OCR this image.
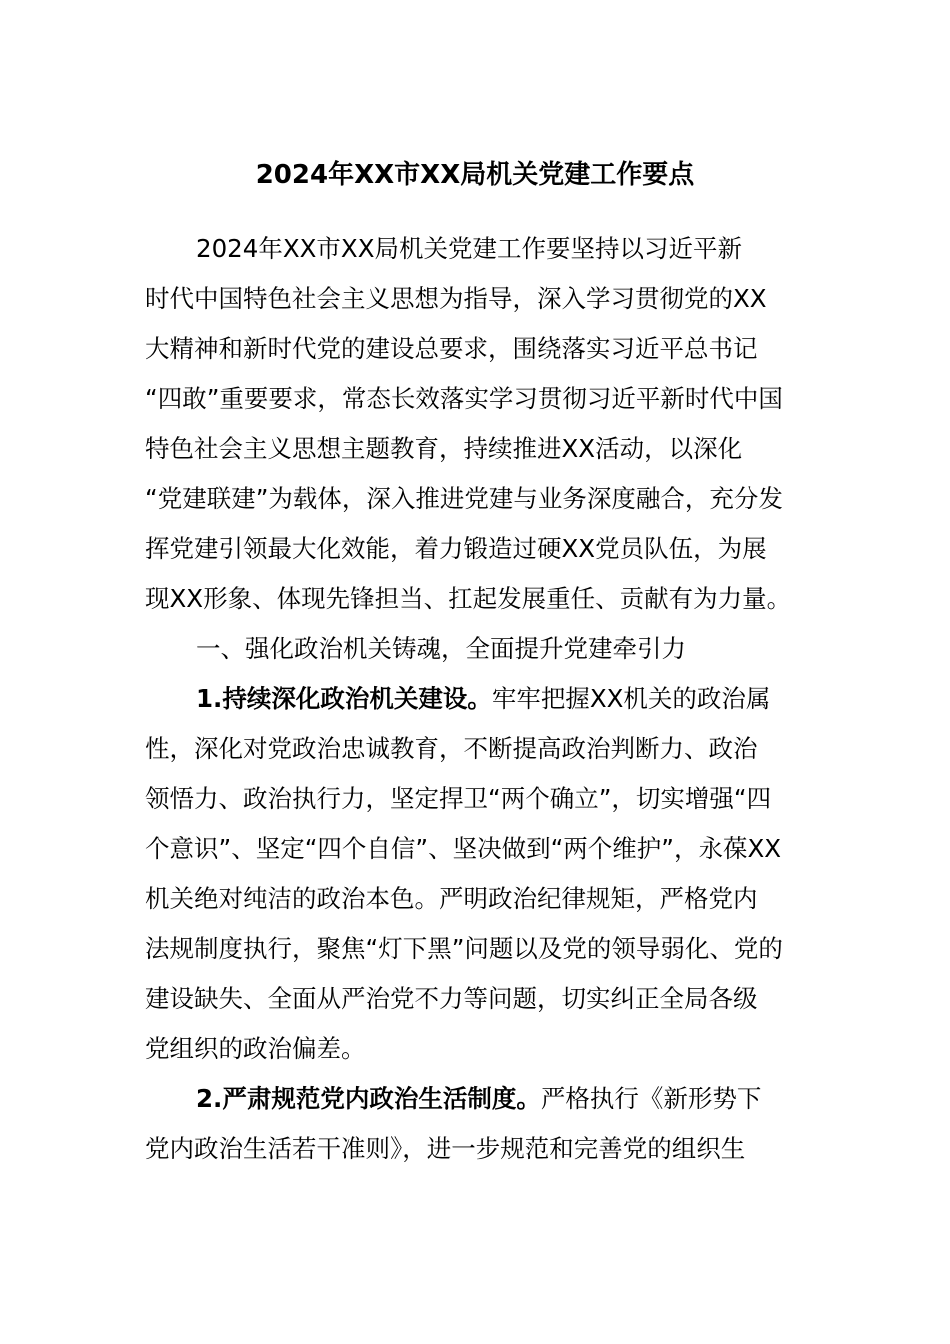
2024年XX市XX局机关党建工作要点
2024年XX市XX局机关党建工作要坚持以习近平新
时代中国特色社会主义思想为指导，深入学习贯彻党的XX
大精神和新时代党的建设总要求，围绕落实习近平总书记
“四敢”重要要求，常态长效落实学习贯彻习近平新时代中国
特色社会主义思想主题教育，持续推进XX活动，以深化
“党建联建”为载体，深入推进党建与业务深度融合，充分发
挥党建引领最大化效能，着力锻造过硬XX党员队伍，为展
现XX形象、体现先锋担当、扛起发展重任、贡献有为力量。
一、强化政治机关铸魂，全面提升党建牵引力
1.持续深化政治机关建设。牢牢把握XX机关的政治属
性，深化对党政治忠诚教育，不断提高政治判断力、政治
领悟力、政治执行力，坚定捍卫“两个确立”，切实增强“四
个意识”、坚定“四个自信”、坚决做到“两个维护”，永葆XX
机关绝对纯洁的政治本色。严明政治纪律规矩，严格党内
法规制度执行，聚焦“灯下黑”问题以及党的领导弱化、党的
建设缺失、全面从严治党不力等问题，切实纠正全局各级
党组织的政治偏差。
2.严肃规范党内政治生活制度。严格执行《新形势下
党内政治生活若干准则》，进一步规范和完善党的组织生
